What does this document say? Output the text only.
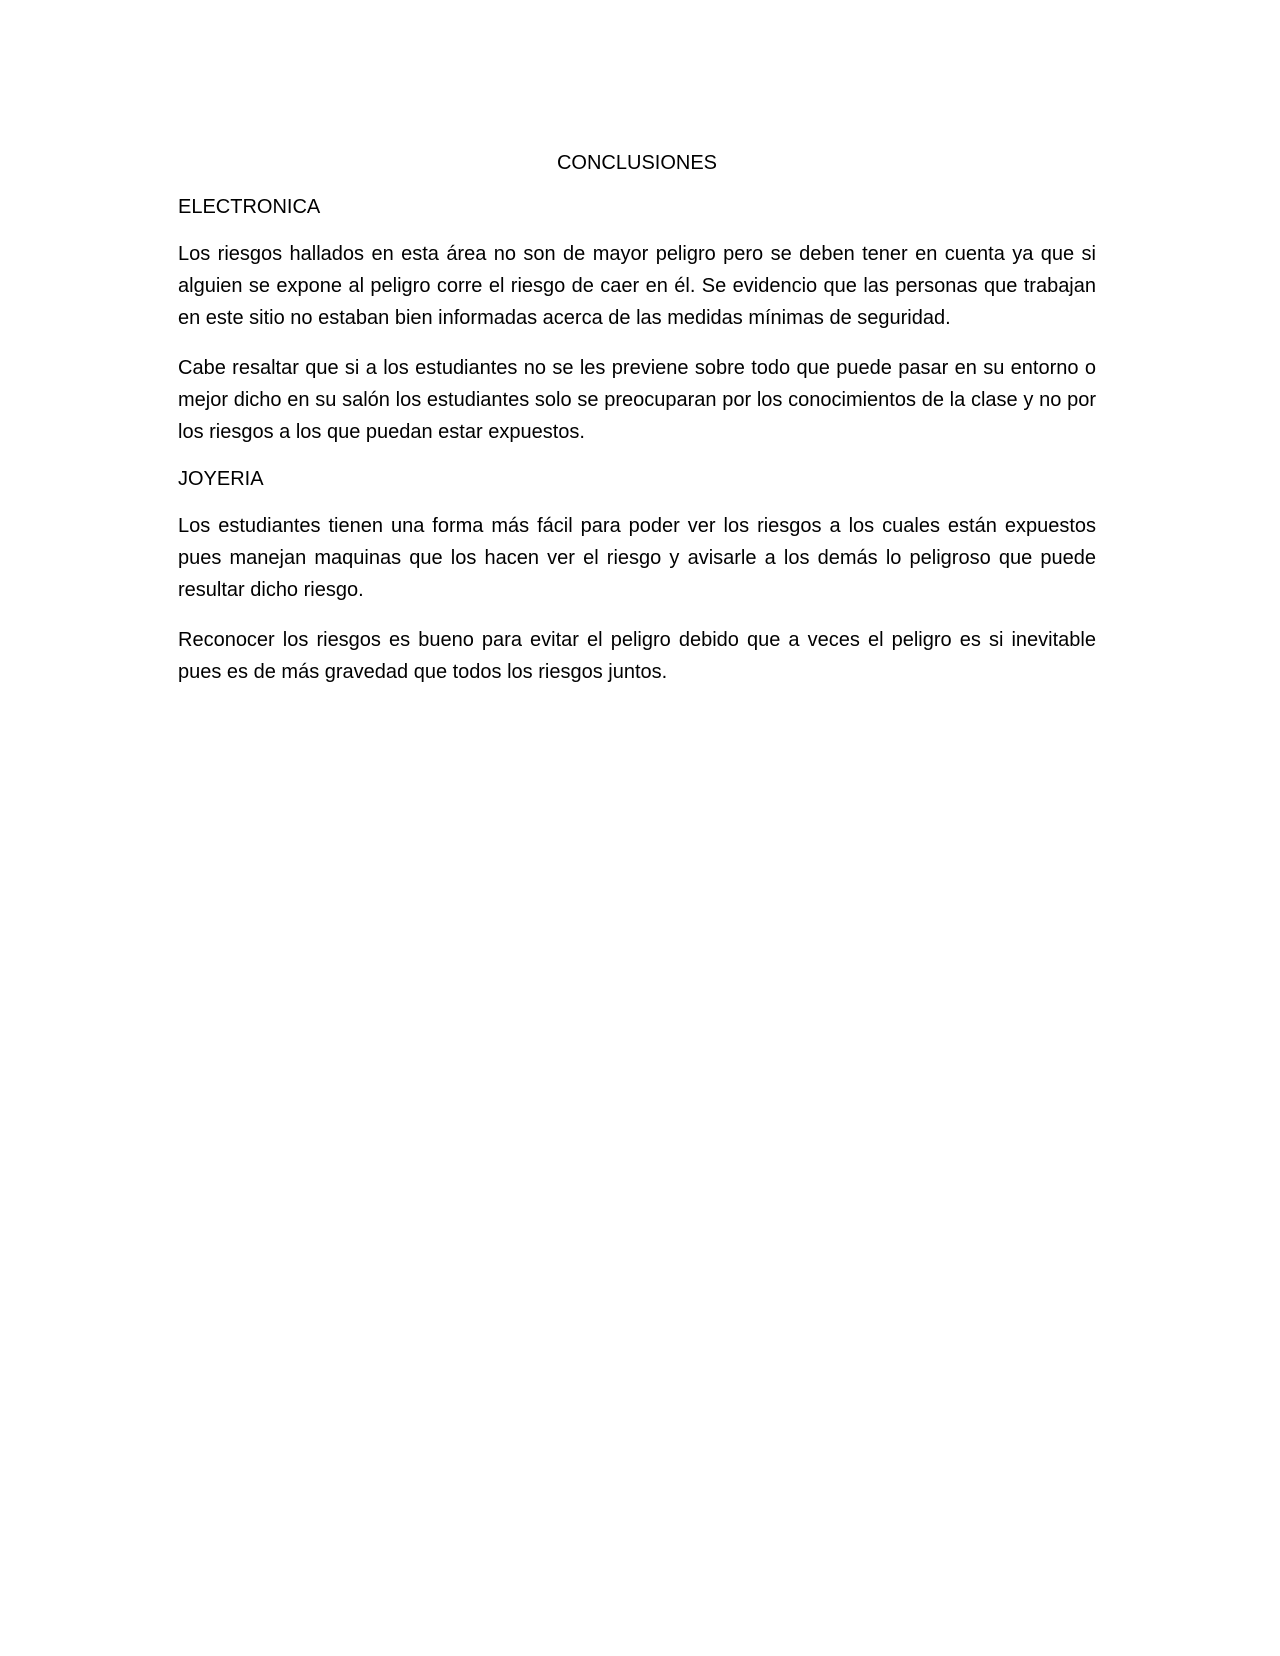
CONCLUSIONES
ELECTRONICA

Los riesgos hallados en esta área no son de mayor peligro pero se deben tener en cuenta ya que si alguien se expone al peligro corre el riesgo de caer en él. Se evidencio que las personas que trabajan en este sitio no estaban bien informadas acerca de las medidas mínimas de seguridad.

Cabe resaltar que si a los estudiantes no se les previene sobre todo que puede pasar en su entorno o mejor dicho en su salón los estudiantes solo se preocuparan por los conocimientos de la clase y no por los riesgos a los que puedan estar expuestos.

JOYERIA

Los estudiantes tienen una forma más fácil para poder ver los riesgos a los cuales están expuestos pues manejan maquinas que los hacen ver el riesgo y avisarle a los demás lo peligroso que puede resultar dicho riesgo.

Reconocer los riesgos es bueno para evitar el peligro debido que a veces el peligro es si inevitable pues es de más gravedad que todos los riesgos juntos.
